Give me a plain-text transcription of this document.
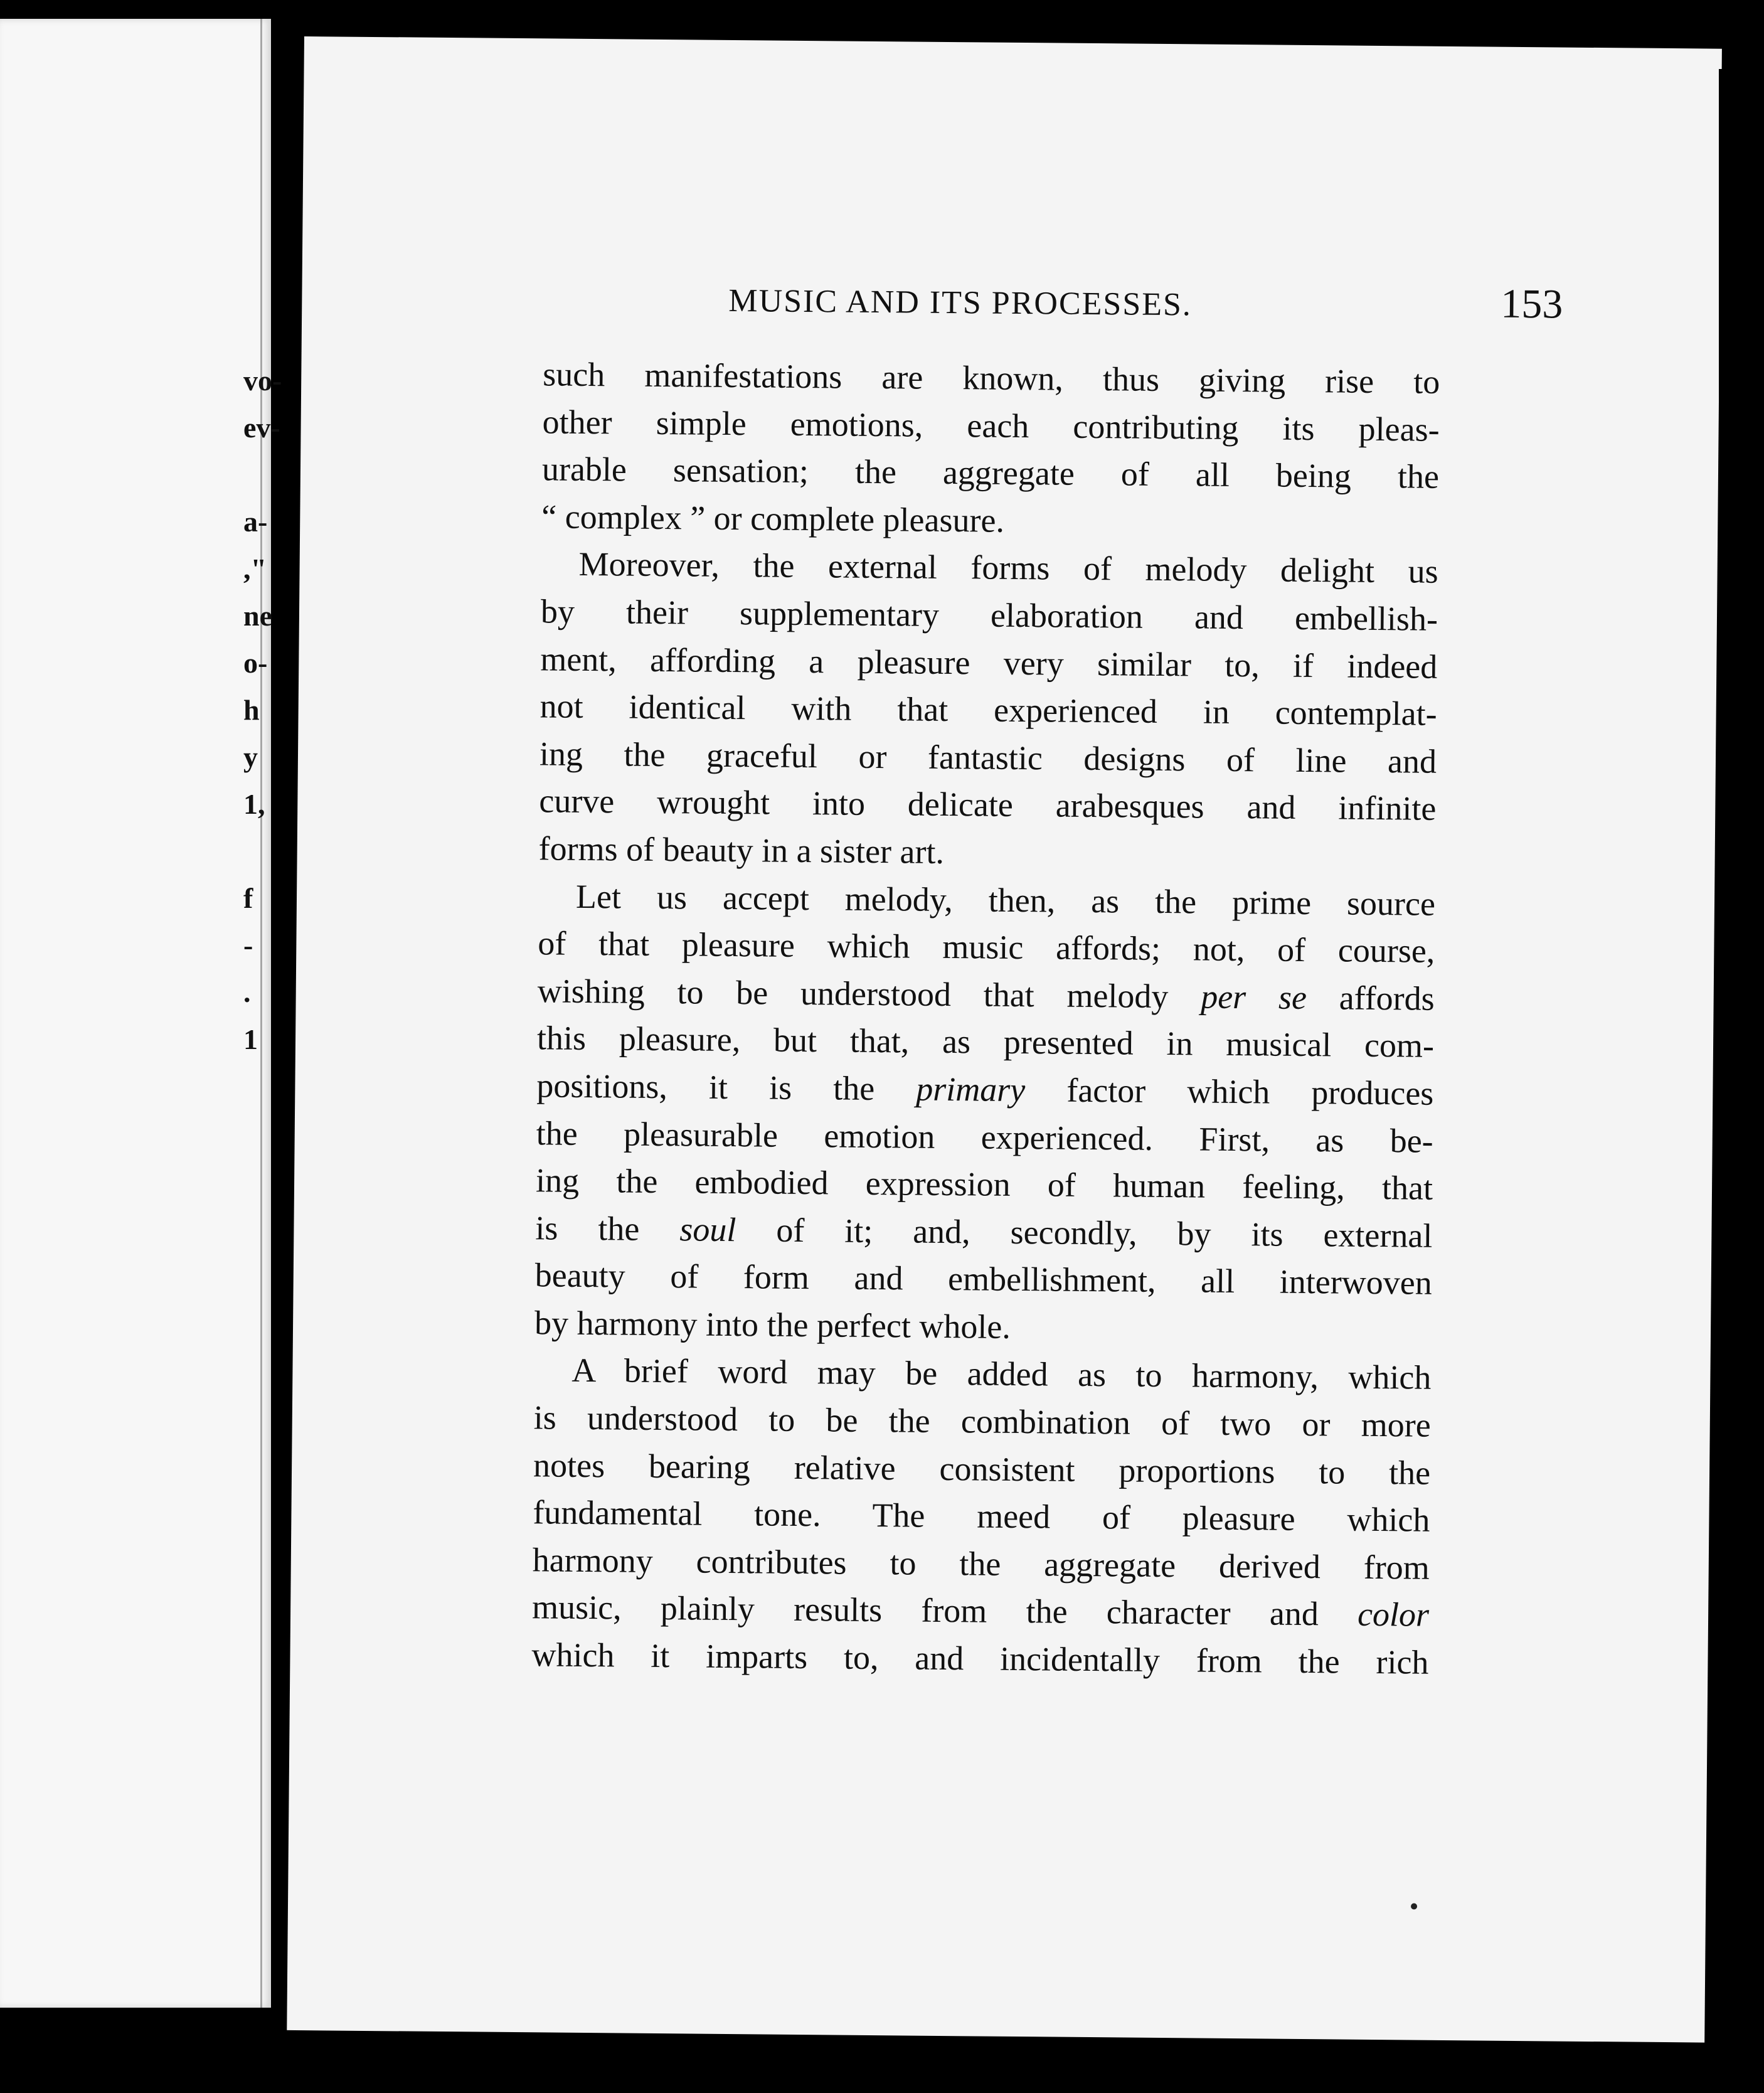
vo-
ev-
a-
,"
ne
o-
h
y
1,
f
-
.
1
MUSIC AND ITS PROCESSES.	153
such manifestations are known, thus giving rise to
other simple emotions, each contributing its pleas-
urable sensation; the aggregate of all being the
“ complex ” or complete pleasure.
Moreover, the external forms of melody delight us
by their supplementary elaboration and embellish-
ment, affording a pleasure very similar to, if indeed
not identical with that experienced in contemplat-
ing the graceful or fantastic designs of line and
curve wrought into delicate arabesques and infinite
forms of beauty in a sister art.
Let us accept melody, then, as the prime source
of that pleasure which music affords; not, of course,
wishing to be understood that melody per se affords
this pleasure, but that, as presented in musical com-
positions, it is the primary factor which produces
the pleasurable emotion experienced. First, as be-
ing the embodied expression of human feeling, that
is the soul of it; and, secondly, by its external
beauty of form and embellishment, all interwoven
by harmony into the perfect whole.
A brief word may be added as to harmony, which
is understood to be the combination of two or more
notes bearing relative consistent proportions to the
fundamental tone. The meed of pleasure which
harmony contributes to the aggregate derived from
music, plainly results from the character and color
which it imparts to, and incidentally from the rich
